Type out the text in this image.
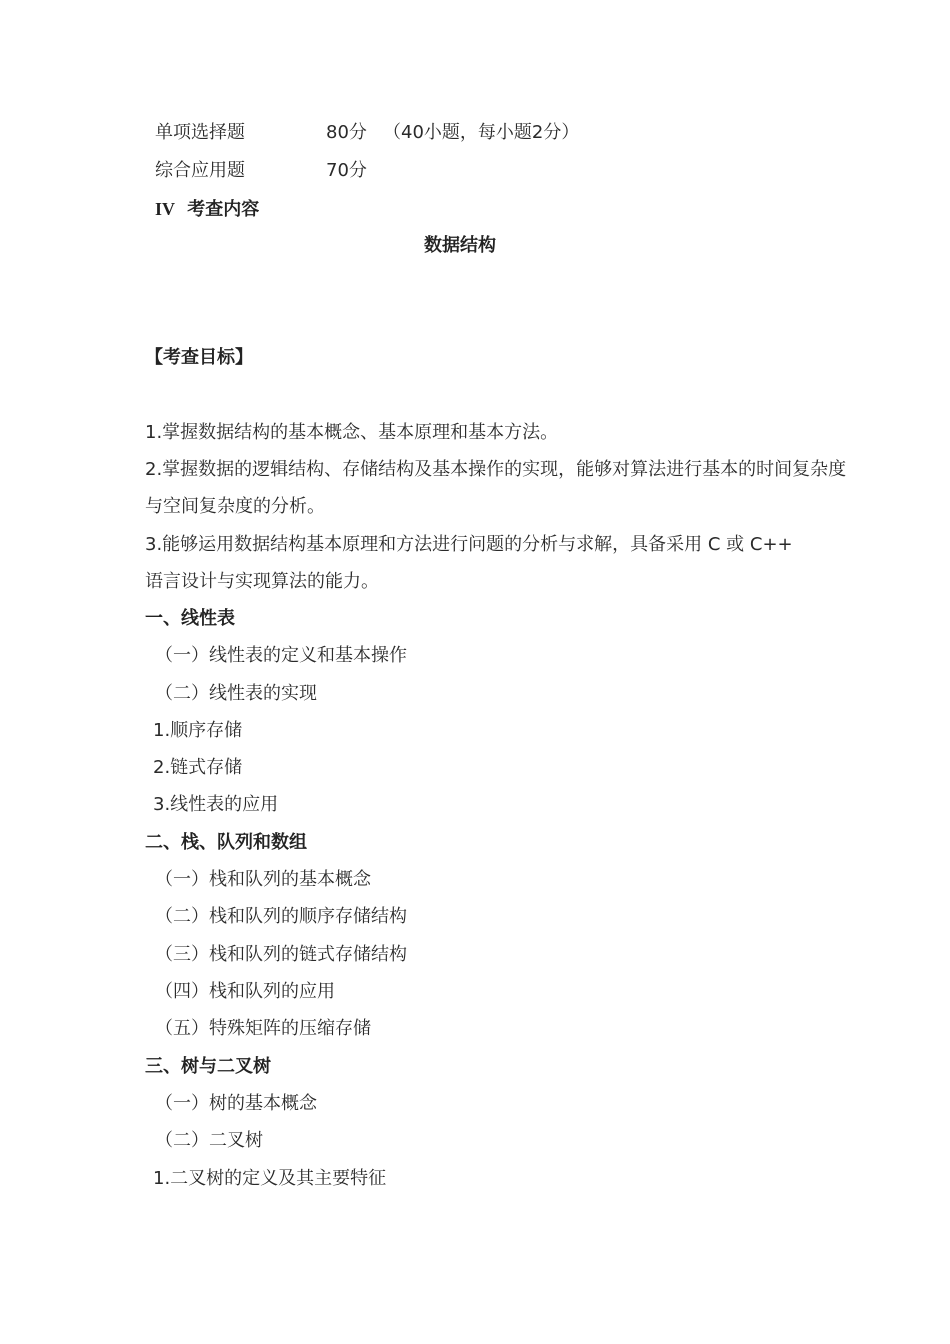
单项选择题	80分 （40小题，每小题2分）
综合应用题	70分
IV 考查内容
数据结构
【考查目标】
1.掌握数据结构的基本概念、基本原理和基本方法。
2.掌握数据的逻辑结构、存储结构及基本操作的实现，能够对算法进行基本的时间复杂度
与空间复杂度的分析。
3.能够运用数据结构基本原理和方法进行问题的分析与求解，具备采用 C 或 C++
语言设计与实现算法的能力。
一、线性表
（一）线性表的定义和基本操作
（二）线性表的实现
1.顺序存储
2.链式存储
3.线性表的应用
二、栈、队列和数组
（一）栈和队列的基本概念
（二）栈和队列的顺序存储结构
（三）栈和队列的链式存储结构
（四）栈和队列的应用
（五）特殊矩阵的压缩存储
三、树与二叉树
（一）树的基本概念
（二）二叉树
1.二叉树的定义及其主要特征
